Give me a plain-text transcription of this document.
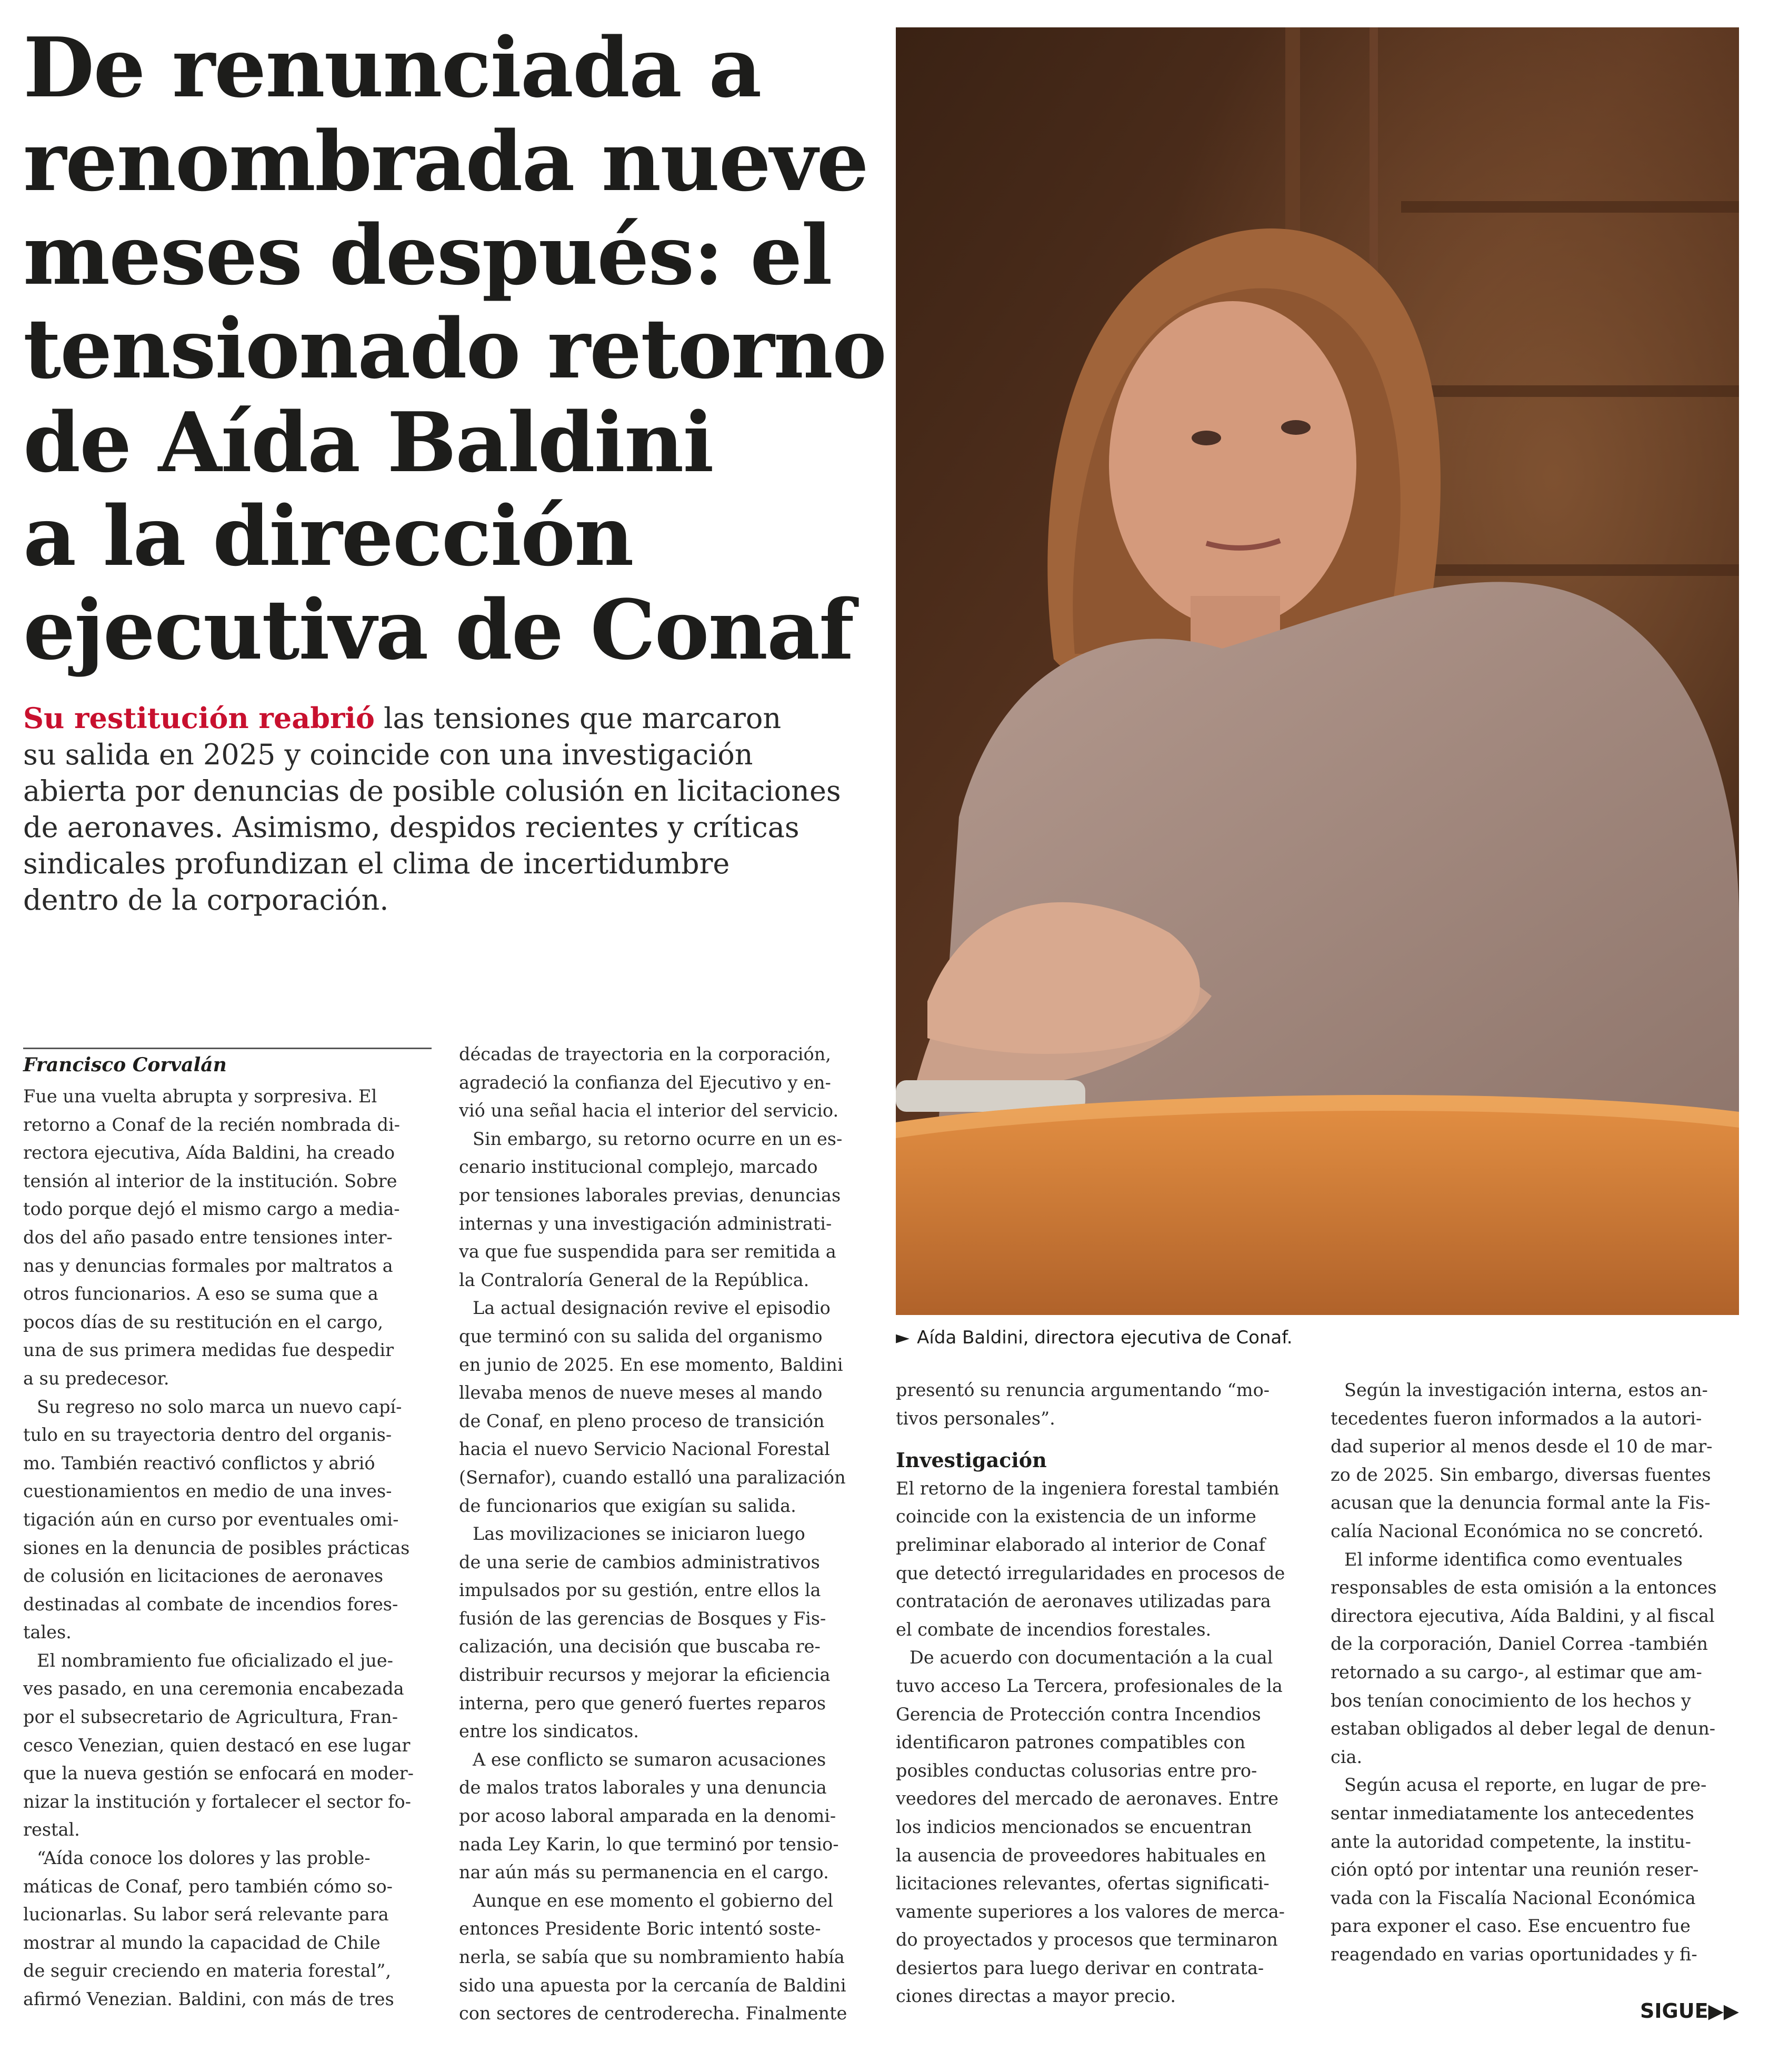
De renunciada a
renombrada nueve
meses después: el
tensionado retorno
de Aída Baldini
a la dirección
ejecutiva de Conaf
Su restitución reabrió las tensiones que marcaron
su salida en 2025 y coincide con una investigación
abierta por denuncias de posible colusión en licitaciones
de aeronaves. Asimismo, despidos recientes y críticas
sindicales profundizan el clima de incertidumbre
dentro de la corporación.
► Aída Baldini, directora ejecutiva de Conaf.
Francisco Corvalán
Fue una vuelta abrupta y sorpresiva. El
retorno a Conaf de la recién nombrada di-
rectora ejecutiva, Aída Baldini, ha creado
tensión al interior de la institución. Sobre
todo porque dejó el mismo cargo a media-
dos del año pasado entre tensiones inter-
nas y denuncias formales por maltratos a
otros funcionarios. A eso se suma que a
pocos días de su restitución en el cargo,
una de sus primera medidas fue despedir
a su predecesor.
Su regreso no solo marca un nuevo capí-
tulo en su trayectoria dentro del organis-
mo. También reactivó conflictos y abrió
cuestionamientos en medio de una inves-
tigación aún en curso por eventuales omi-
siones en la denuncia de posibles prácticas
de colusión en licitaciones de aeronaves
destinadas al combate de incendios fores-
tales.
El nombramiento fue oficializado el jue-
ves pasado, en una ceremonia encabezada
por el subsecretario de Agricultura, Fran-
cesco Venezian, quien destacó en ese lugar
que la nueva gestión se enfocará en moder-
nizar la institución y fortalecer el sector fo-
restal.
“Aída conoce los dolores y las proble-
máticas de Conaf, pero también cómo so-
lucionarlas. Su labor será relevante para
mostrar al mundo la capacidad de Chile
de seguir creciendo en materia forestal”,
afirmó Venezian. Baldini, con más de tres
décadas de trayectoria en la corporación,
agradeció la confianza del Ejecutivo y en-
vió una señal hacia el interior del servicio.
Sin embargo, su retorno ocurre en un es-
cenario institucional complejo, marcado
por tensiones laborales previas, denuncias
internas y una investigación administrati-
va que fue suspendida para ser remitida a
la Contraloría General de la República.
La actual designación revive el episodio
que terminó con su salida del organismo
en junio de 2025. En ese momento, Baldini
llevaba menos de nueve meses al mando
de Conaf, en pleno proceso de transición
hacia el nuevo Servicio Nacional Forestal
(Sernafor), cuando estalló una paralización
de funcionarios que exigían su salida.
Las movilizaciones se iniciaron luego
de una serie de cambios administrativos
impulsados por su gestión, entre ellos la
fusión de las gerencias de Bosques y Fis-
calización, una decisión que buscaba re-
distribuir recursos y mejorar la eficiencia
interna, pero que generó fuertes reparos
entre los sindicatos.
A ese conflicto se sumaron acusaciones
de malos tratos laborales y una denuncia
por acoso laboral amparada en la denomi-
nada Ley Karin, lo que terminó por tensio-
nar aún más su permanencia en el cargo.
Aunque en ese momento el gobierno del
entonces Presidente Boric intentó soste-
nerla, se sabía que su nombramiento había
sido una apuesta por la cercanía de Baldini
con sectores de centroderecha. Finalmente
presentó su renuncia argumentando “mo-
tivos personales”.
Investigación
El retorno de la ingeniera forestal también
coincide con la existencia de un informe
preliminar elaborado al interior de Conaf
que detectó irregularidades en procesos de
contratación de aeronaves utilizadas para
el combate de incendios forestales.
De acuerdo con documentación a la cual
tuvo acceso La Tercera, profesionales de la
Gerencia de Protección contra Incendios
identificaron patrones compatibles con
posibles conductas colusorias entre pro-
veedores del mercado de aeronaves. Entre
los indicios mencionados se encuentran
la ausencia de proveedores habituales en
licitaciones relevantes, ofertas significati-
vamente superiores a los valores de merca-
do proyectados y procesos que terminaron
desiertos para luego derivar en contrata-
ciones directas a mayor precio.
Según la investigación interna, estos an-
tecedentes fueron informados a la autori-
dad superior al menos desde el 10 de mar-
zo de 2025. Sin embargo, diversas fuentes
acusan que la denuncia formal ante la Fis-
calía Nacional Económica no se concretó.
El informe identifica como eventuales
responsables de esta omisión a la entonces
directora ejecutiva, Aída Baldini, y al fiscal
de la corporación, Daniel Correa -también
retornado a su cargo-, al estimar que am-
bos tenían conocimiento de los hechos y
estaban obligados al deber legal de denun-
cia.
Según acusa el reporte, en lugar de pre-
sentar inmediatamente los antecedentes
ante la autoridad competente, la institu-
ción optó por intentar una reunión reser-
vada con la Fiscalía Nacional Económica
para exponer el caso. Ese encuentro fue
reagendado en varias oportunidades y fi-
SIGUE▶▶
